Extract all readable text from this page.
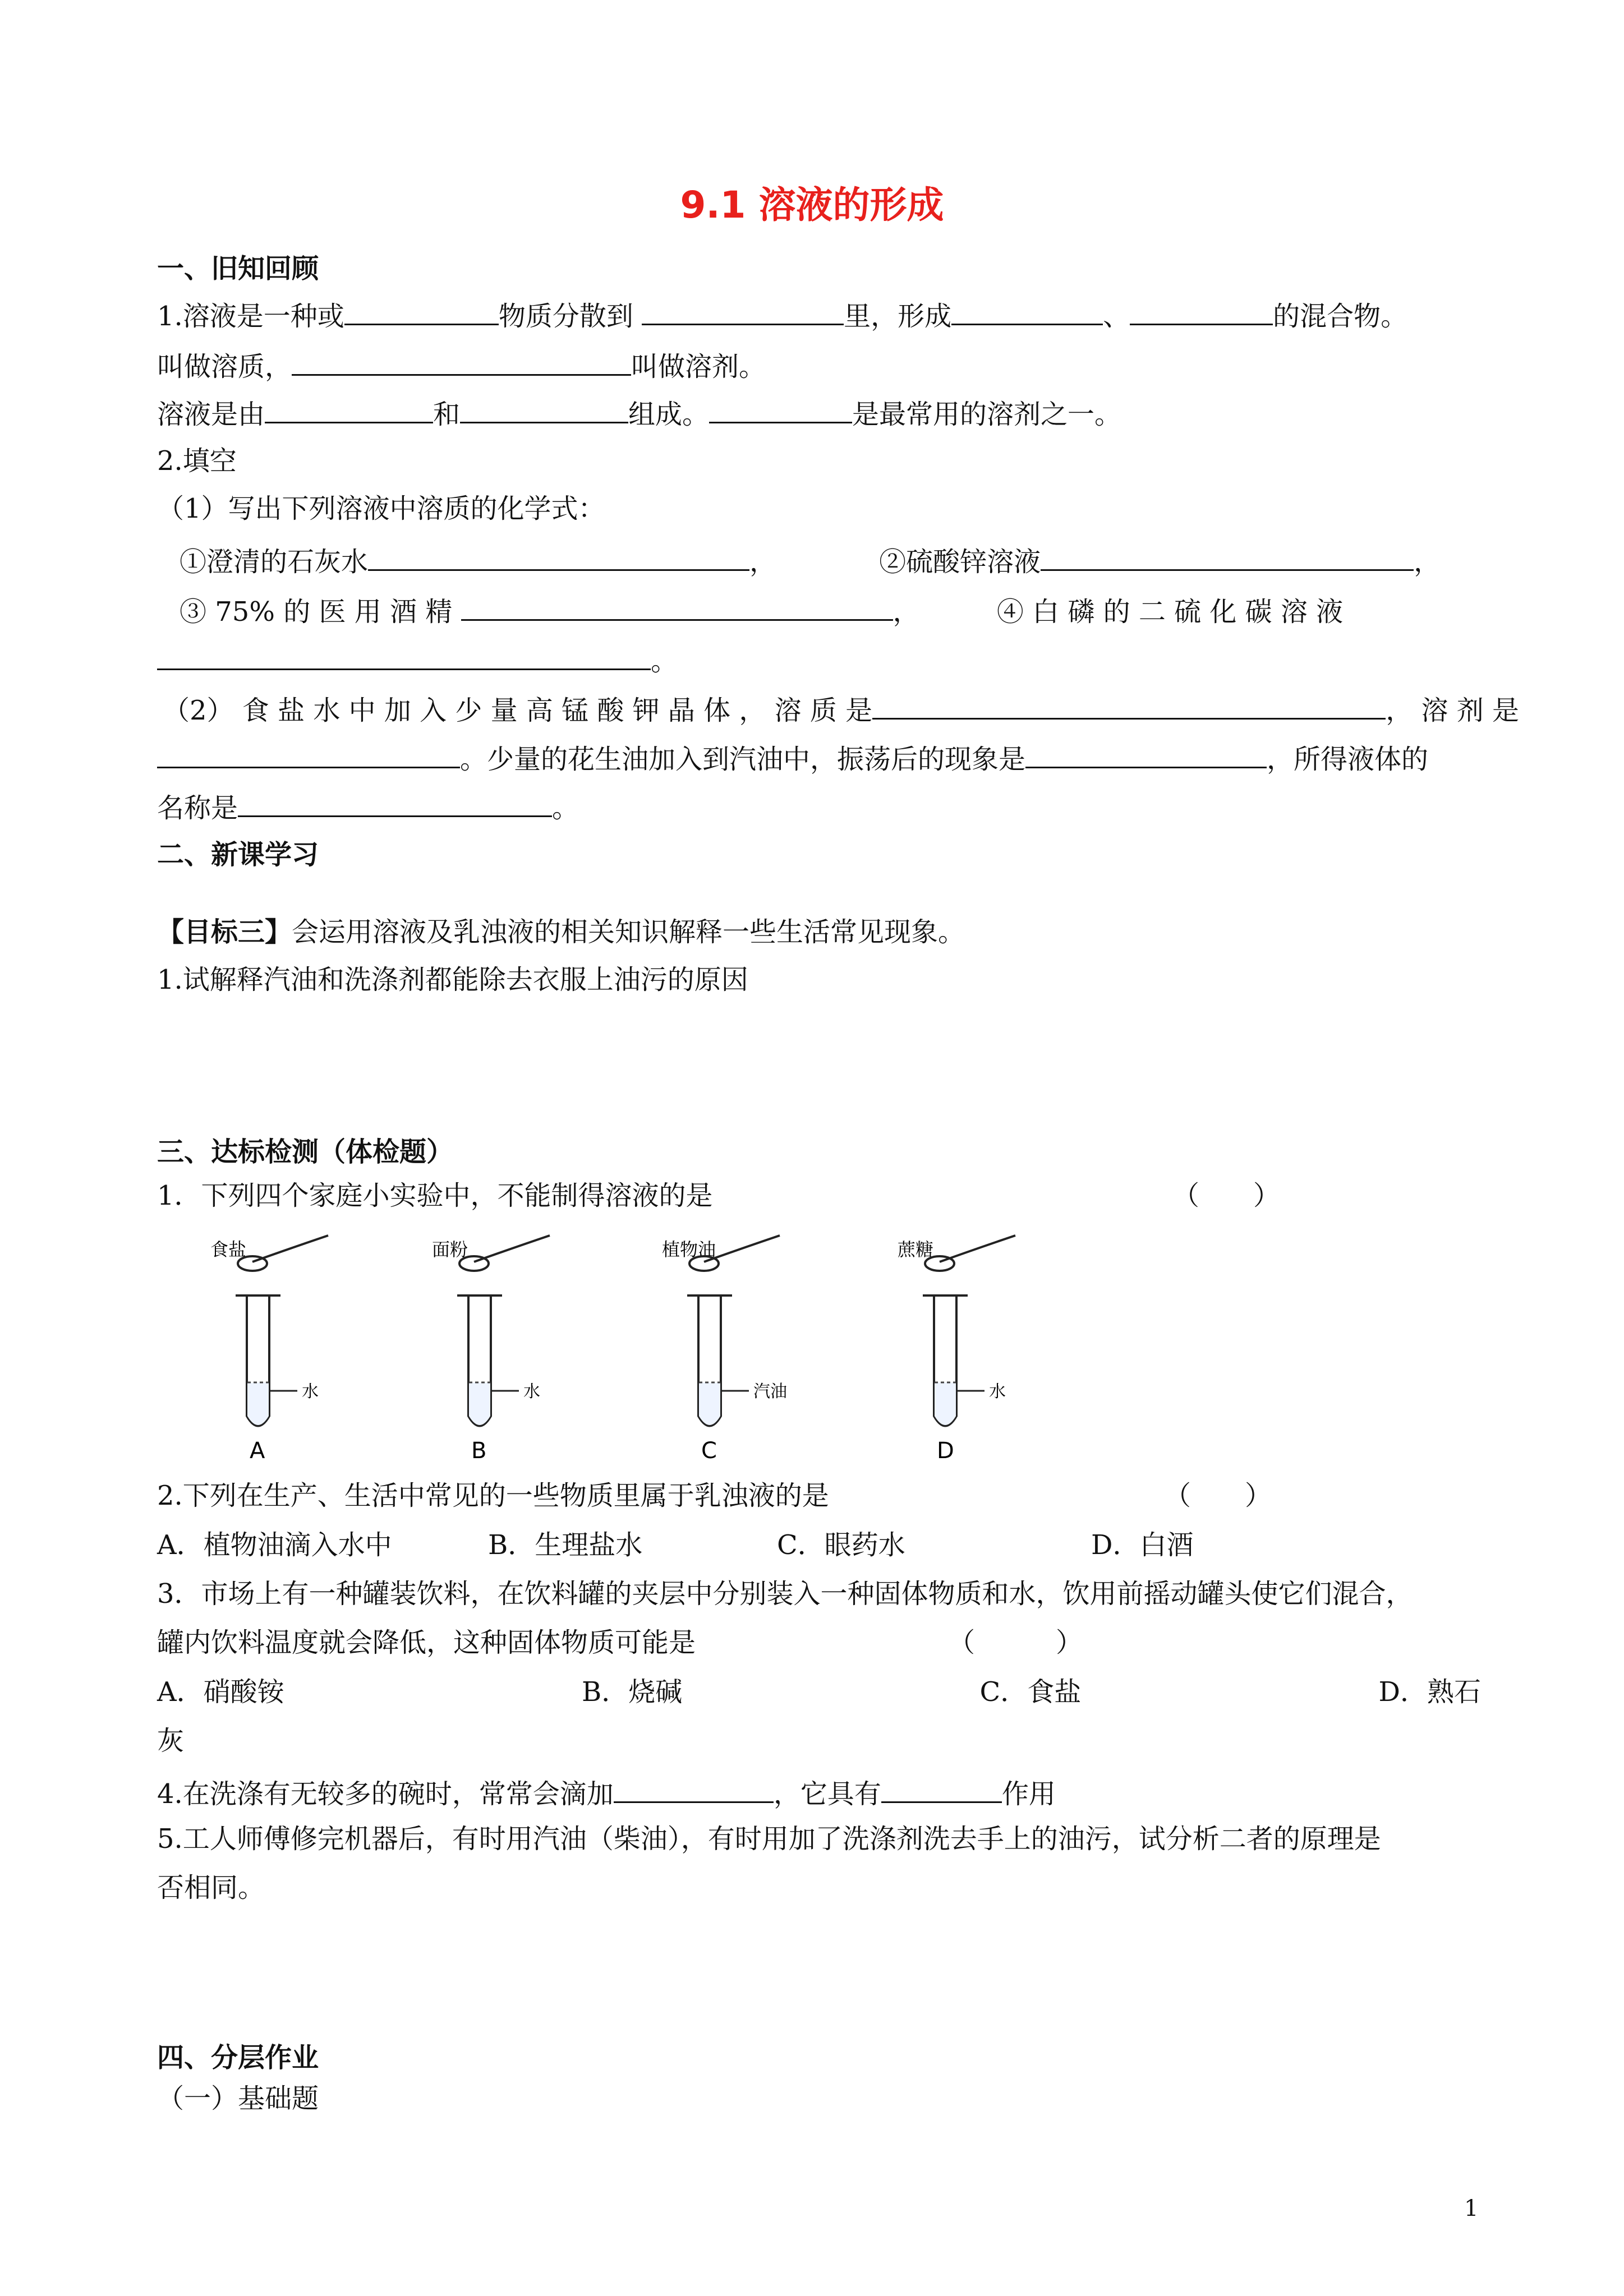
9.1 溶液的形成
一、旧知回顾
1.溶液是一种或	物质分散到	里，形成	、	的混合物。
叫做溶质，	叫做溶剂。
溶液是由	和	组成。	是最常用的溶剂之一。
2.填空
（1）写出下列溶液中溶质的化学式：
①澄清的石灰水	，	②硫酸锌溶液	，
③ 75% 的 医 用 酒 精	，	④ 白 磷 的 二 硫 化 碳 溶 液
。
（2） 食 盐 水 中 加 入 少 量 高 锰 酸 钾 晶 体 ， 溶 质 是	， 溶 剂 是
。少量的花生油加入到汽油中，振荡后的现象是	，所得液体的
名称是	。
二、新课学习
【目标三】会运用溶液及乳浊液的相关知识解释一些生活常见现象。
1.试解释汽油和洗涤剂都能除去衣服上油污的原因
三、达标检测（体检题）
1．下列四个家庭小实验中，不能制得溶液的是	（　　）
食盐
水
A
面粉
水
B
植物油
汽油
C
蔗糖
水
D
2.下列在生产、生活中常见的一些物质里属于乳浊液的是	（　　）
A．植物油滴入水中	B．生理盐水	C．眼药水	D．白酒
3．市场上有一种罐装饮料，在饮料罐的夹层中分别装入一种固体物质和水，饮用前摇动罐头使它们混合，
罐内饮料温度就会降低，这种固体物质可能是	（　　　）
A．硝酸铵	B．烧碱	C．食盐	D．熟石
灰
4.在洗涤有无较多的碗时，常常会滴加	，它具有	作用
5.工人师傅修完机器后，有时用汽油（柴油），有时用加了洗涤剂洗去手上的油污，试分析二者的原理是
否相同。
四、分层作业
（一）基础题
1
